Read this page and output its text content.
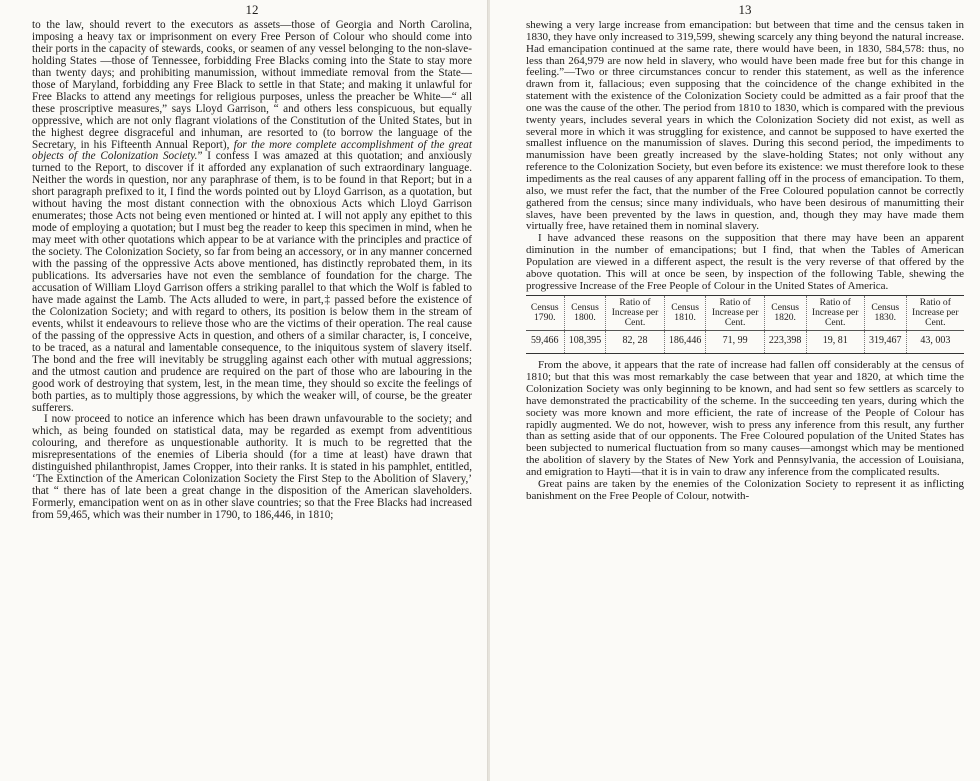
12

to the law, should revert to the executors as assets—those of Georgia and North Carolina, imposing a heavy tax or imprisonment on every Free Person of Colour who should come into their ports in the capacity of stewards, cooks, or seamen of any vessel belonging to the non-slave-holding States —those of Tennessee, forbidding Free Blacks coming into the State to stay more than twenty days; and prohibiting manumission, without immediate removal from the State—those of Maryland, forbidding any Free Black to settle in that State; and making it unlawful for Free Blacks to attend any meetings for religious purposes, unless the preacher be White—“ all these proscriptive measures,” says Lloyd Garrison, “ and others less conspicuous, but equally oppressive, which are not only flagrant violations of the Constitution of the United States, but in the highest degree disgraceful and inhuman, are resorted to (to borrow the language of the Secretary, in his Fifteenth Annual Report), for the more complete accomplishment of the great objects of the Colonization Society.” I confess I was amazed at this quotation; and anxiously turned to the Report, to discover if it afforded any explanation of such extraordinary language. Neither the words in question, nor any paraphrase of them, is to be found in that Report; but in a short paragraph prefixed to it, I find the words pointed out by Lloyd Garrison, as a quotation, but without having the most distant connection with the obnoxious Acts which Lloyd Garrison enumerates; those Acts not being even mentioned or hinted at. I will not apply any epithet to this mode of employing a quotation; but I must beg the reader to keep this specimen in mind, when he may meet with other quotations which appear to be at variance with the principles and practice of the society. The Colonization Society, so far from being an accessory, or in any manner concerned with the passing of the oppressive Acts above mentioned, has distinctly reprobated them, in its publications. Its adversaries have not even the semblance of foundation for the charge. The accusation of William Lloyd Garrison offers a striking parallel to that which the Wolf is fabled to have made against the Lamb. The Acts alluded to were, in part,‡ passed before the existence of the Colonization Society; and with regard to others, its position is below them in the stream of events, whilst it endeavours to relieve those who are the victims of their operation. The real cause of the passing of the oppressive Acts in question, and others of a similar character, is, I conceive, to be traced, as a natural and lamentable consequence, to the iniquitous system of slavery itself. The bond and the free will inevitably be struggling against each other with mutual aggressions; and the utmost caution and prudence are required on the part of those who are labouring in the good work of destroying that system, lest, in the mean time, they should so excite the feelings of both parties, as to multiply those aggressions, by which the weaker will, of course, be the greater sufferers.

I now proceed to notice an inference which has been drawn unfavourable to the society; and which, as being founded on statistical data, may be regarded as exempt from adventitious colouring, and therefore as unquestionable authority. It is much to be regretted that the misrepresentations of the enemies of Liberia should (for a time at least) have drawn that distinguished philanthropist, James Cropper, into their ranks. It is stated in his pamphlet, entitled, ‘The Extinction of the American Colonization Society the First Step to the Abolition of Slavery,’ that “ there has of late been a great change in the disposition of the American slaveholders. Formerly, emancipation went on as in other slave countries; so that the Free Blacks had increased from 59,465, which was their number in 1790, to 186,446, in 1810;

13

shewing a very large increase from emancipation: but between that time and the census taken in 1830, they have only increased to 319,599, shewing scarcely any thing beyond the natural increase. Had emancipation continued at the same rate, there would have been, in 1830, 584,578: thus, no less than 264,979 are now held in slavery, who would have been made free but for this change in feeling.”—Two or three circumstances concur to render this statement, as well as the inference drawn from it, fallacious; even supposing that the coincidence of the change exhibited in the statement with the existence of the Colonization Society could be admitted as a fair proof that the one was the cause of the other. The period from 1810 to 1830, which is compared with the previous twenty years, includes several years in which the Colonization Society did not exist, as well as several more in which it was struggling for existence, and cannot be supposed to have exerted the smallest influence on the manumission of slaves. During this second period, the impediments to manumission have been greatly increased by the slave-holding States; not only without any reference to the Colonization Society, but even before its existence: we must therefore look to these impediments as the real causes of any apparent falling off in the process of emancipation. To them, also, we must refer the fact, that the number of the Free Coloured population cannot be correctly gathered from the census; since many individuals, who have been desirous of manumitting their slaves, have been prevented by the laws in question, and, though they may have made them virtually free, have retained them in nominal slavery.

I have advanced these reasons on the supposition that there may have been an apparent diminution in the number of emancipations; but I find, that when the Tables of American Population are viewed in a different aspect, the result is the very reverse of that offered by the above quotation. This will at once be seen, by inspection of the following Table, shewing the progressive Increase of the Free People of Colour in the United States of America.

Census 1790.	Census 1800.	Ratio of Increase per Cent.	Census 1810.	Ratio of Increase per Cent.	Census 1820.	Ratio of Increase per Cent.	Census 1830.	Ratio of Increase per Cent.
59,466	108,395	82, 28	186,446	71, 99	223,398	19, 81	319,467	43, 003

From the above, it appears that the rate of increase had fallen off considerably at the census of 1810; but that this was most remarkably the case between that year and 1820, at which time the Colonization Society was only beginning to be known, and had sent so few settlers as scarcely to have demonstrated the practicability of the scheme. In the succeeding ten years, during which the society was more known and more efficient, the rate of increase of the People of Colour has rapidly augmented. We do not, however, wish to press any inference from this result, any further than as setting aside that of our opponents. The Free Coloured population of the United States has been subjected to numerical fluctuation from so many causes—amongst which may be mentioned the abolition of slavery by the States of New York and Pennsylvania, the accession of Louisiana, and emigration to Hayti—that it is in vain to draw any inference from the complicated results.

Great pains are taken by the enemies of the Colonization Society to represent it as inflicting banishment on the Free People of Colour, notwith-
